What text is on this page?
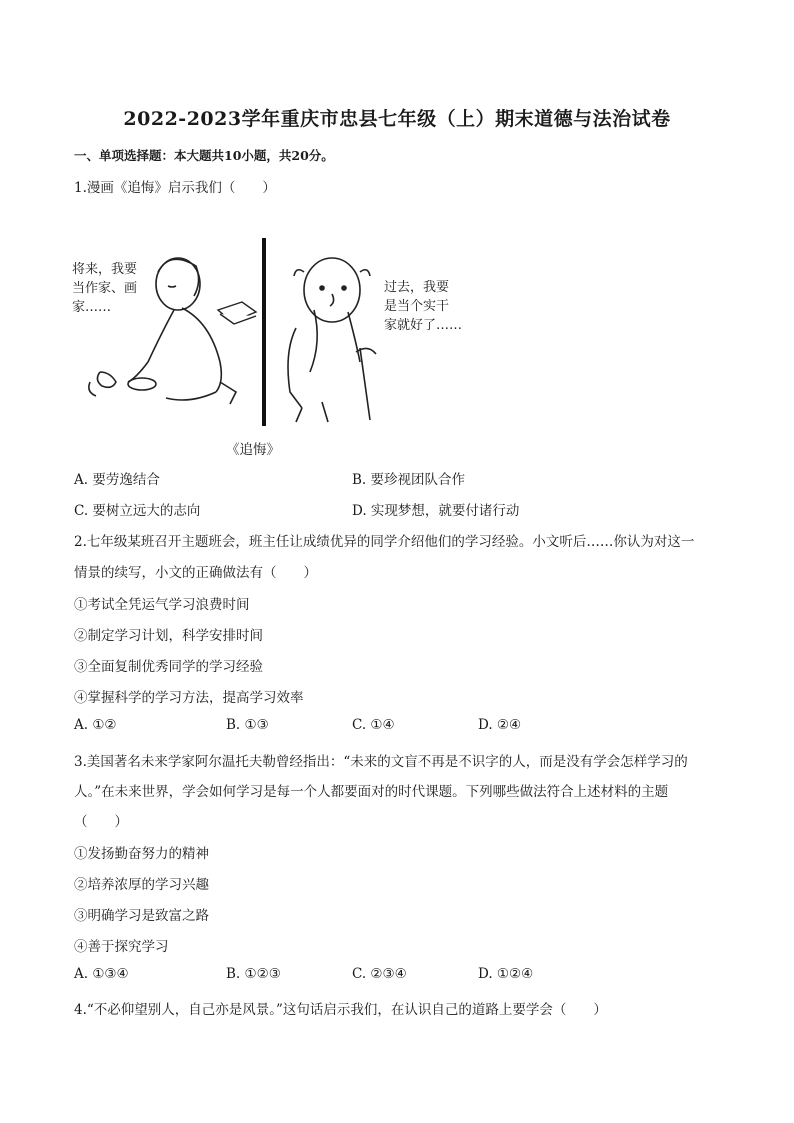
2022-2023学年重庆市忠县七年级（上）期末道德与法治试卷
一、单项选择题：本大题共10小题，共20分。
1.漫画《追悔》启示我们（　　）
将来，我要
当作家、画
家……
过去，我要
是当个实干
家就好了……
《追悔》
A. 要劳逸结合	B. 要珍视团队合作
C. 要树立远大的志向	D. 实现梦想，就要付诸行动
2.七年级某班召开主题班会，班主任让成绩优异的同学介绍他们的学习经验。小文听后……你认为对这一
情景的续写，小文的正确做法有（　　）
①考试全凭运气学习浪费时间
②制定学习计划，科学安排时间
③全面复制优秀同学的学习经验
④掌握科学的学习方法，提高学习效率
A. ①②	B. ①③	C. ①④	D. ②④
3.美国著名未来学家阿尔温托夫勒曾经指出：“未来的文盲不再是不识字的人，而是没有学会怎样学习的
人。”在未来世界，学会如何学习是每一个人都要面对的时代课题。下列哪些做法符合上述材料的主题
（　　）
①发扬勤奋努力的精神
②培养浓厚的学习兴趣
③明确学习是致富之路
④善于探究学习
A. ①③④	B. ①②③	C. ②③④	D. ①②④
4.“不必仰望别人，自己亦是风景。”这句话启示我们，在认识自己的道路上要学会（　　）
